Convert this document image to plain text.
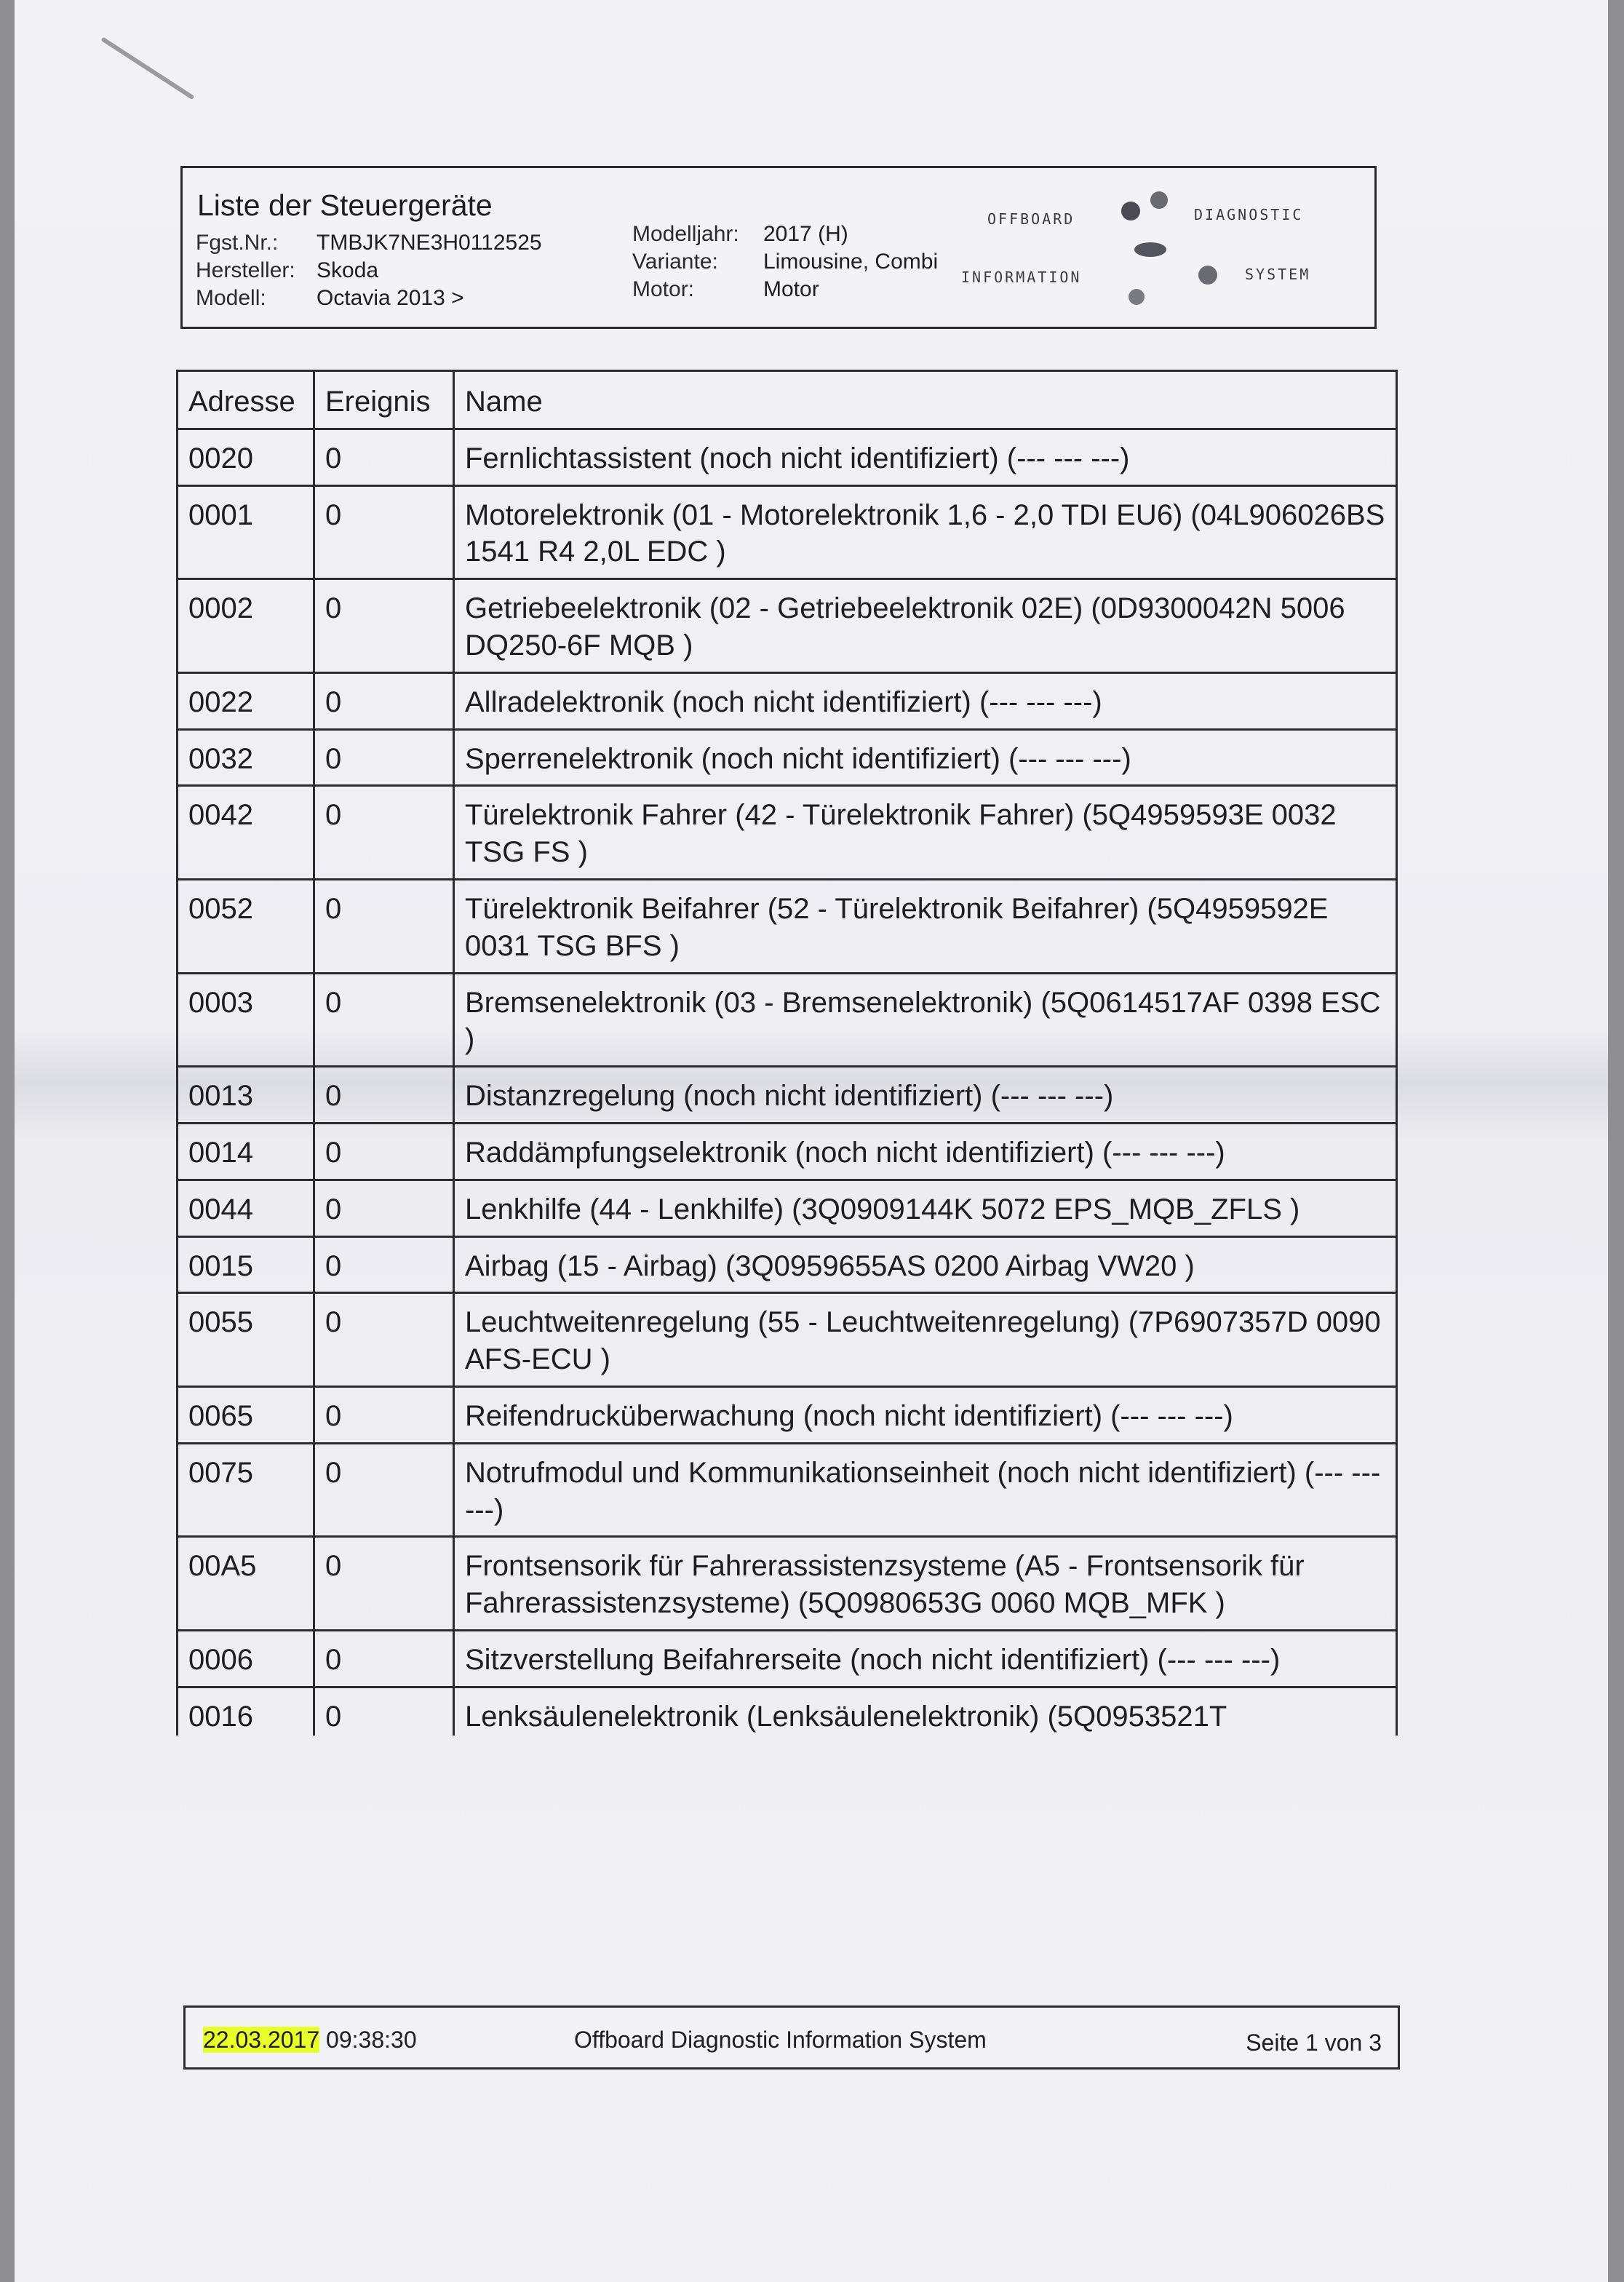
Liste der Steuergeräte
Fgst.Nr.: TMBJK7NE3H0112525
Hersteller: Skoda
Modell: Octavia 2013 >
Modelljahr: 2017 (H)
Variante: Limousine, Combi
Motor:	Motor
OFFBOARD	DIAGNOSTIC
INFORMATION	SYSTEM
Adresse	Ereignis	Name
0020	0	Fernlichtassistent (noch nicht identifiziert) (--- --- ---)
0001	0	Motorelektronik (01 - Motorelektronik 1,6 - 2,0 TDI EU6) (04L906026BS 1541 R4 2,0L EDC )
0002	0	Getriebeelektronik (02 - Getriebeelektronik 02E) (0D9300042N 5006 DQ250-6F MQB )
0022	0	Allradelektronik (noch nicht identifiziert) (--- --- ---)
0032	0	Sperrenelektronik (noch nicht identifiziert) (--- --- ---)
0042	0	Türelektronik Fahrer (42 - Türelektronik Fahrer) (5Q4959593E 0032 TSG FS )
0052	0	Türelektronik Beifahrer (52 - Türelektronik Beifahrer) (5Q4959592E 0031 TSG BFS )
0003	0	Bremsenelektronik (03 - Bremsenelektronik) (5Q0614517AF 0398 ESC )
0013	0	Distanzregelung (noch nicht identifiziert) (--- --- ---)
0014	0	Raddämpfungselektronik (noch nicht identifiziert) (--- --- ---)
0044	0	Lenkhilfe (44 - Lenkhilfe) (3Q0909144K 5072 EPS_MQB_ZFLS )
0015	0	Airbag (15 - Airbag) (3Q0959655AS 0200 Airbag VW20 )
0055	0	Leuchtweitenregelung (55 - Leuchtweitenregelung) (7P6907357D 0090 AFS-ECU )
0065	0	Reifendrucküberwachung (noch nicht identifiziert) (--- --- ---)
0075	0	Notrufmodul und Kommunikationseinheit (noch nicht identifiziert) (--- --- ---)
00A5	0	Frontsensorik für Fahrerassistenzsysteme (A5 - Frontsensorik für Fahrerassistenzsysteme) (5Q0980653G 0060 MQB_MFK )
0006	0	Sitzverstellung Beifahrerseite (noch nicht identifiziert) (--- --- ---)
0016	0	Lenksäulenelektronik (Lenksäulenelektronik) (5Q0953521T
22.03.2017 09:38:30	Offboard Diagnostic Information System	Seite 1 von 3
